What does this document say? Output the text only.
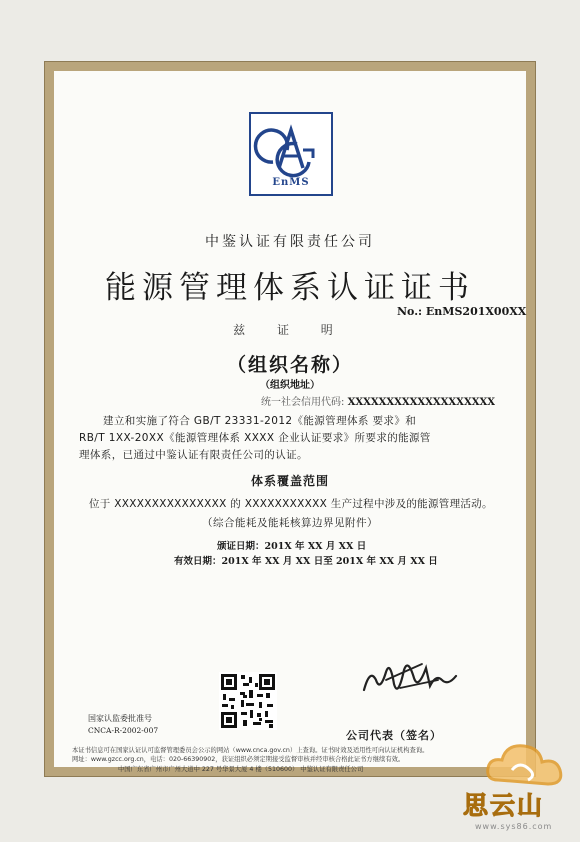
EnMS
中鉴认证有限责任公司
能源管理体系认证证书
No.: EnMS201X00XX
兹 证 明
（组织名称）
（组织地址）
统一社会信用代码: XXXXXXXXXXXXXXXXXXX
建立和实施了符合 GB/T 23331-2012《能源管理体系 要求》和
RB/T 1XX-20XX《能源管理体系 XXXX 企业认证要求》所要求的能源管
理体系，已通过中鉴认证有限责任公司的认证。
体系覆盖范围
位于 XXXXXXXXXXXXXXX 的 XXXXXXXXXXX 生产过程中涉及的能源管理活动。
（综合能耗及能耗核算边界见附件）
颁证日期：201X 年 XX 月 XX 日
有效日期：201X 年 XX 月 XX 日至 201X 年 XX 月 XX 日
国家认监委批准号
CNCA-R-2002-007	公司代表（签名）
本证书信息可在国家认证认可监督管理委员会公示的网站（www.cnca.gov.cn）上查询。证书时效及适用性可向认证机构查询。
网址：www.gzcc.org.cn，电话：020-66390902，获证组织必须定期接受监督审核并经审核合格此证书方继续有效。
中国广东省广州市广州大道中 227 号华景大厦 4 楼（510600） 中鉴认证有限责任公司
思云山
www.sys86.com
